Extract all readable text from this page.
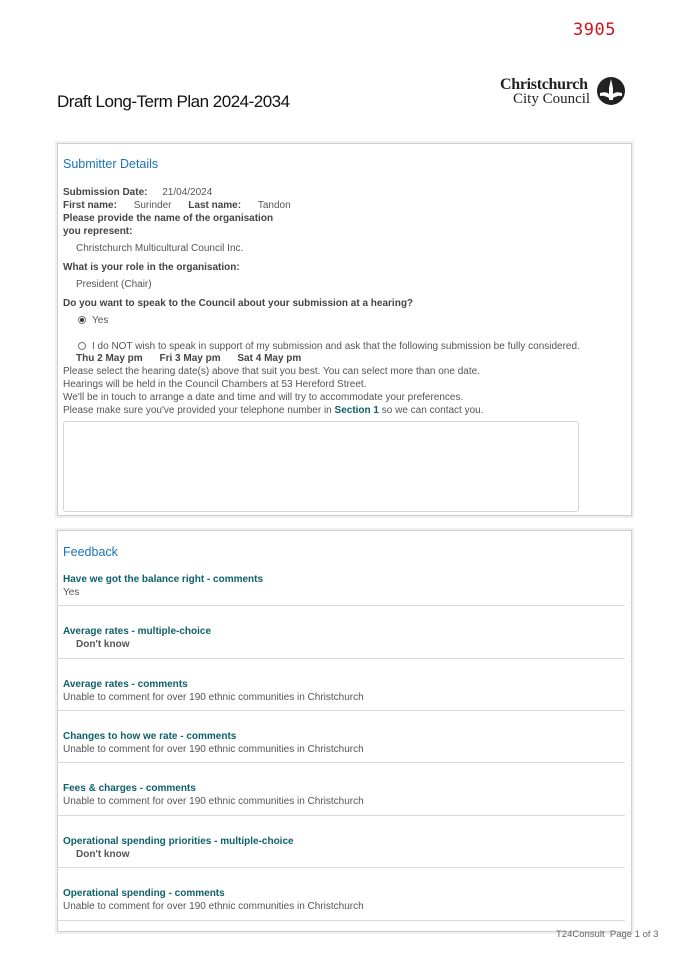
3905
Draft Long-Term Plan 2024-2034
Christchurch
City Council
Submitter Details
Submission Date: 21/04/2024
First name: Surinder Last name: Tandon
Please provide the name of the organisation
you represent:
Christchurch Multicultural Council Inc.
What is your role in the organisation:
President (Chair)
Do you want to speak to the Council about your submission at a hearing?
Yes
I do NOT wish to speak in support of my submission and ask that the following submission be fully considered.
Thu 2 May pm Fri 3 May pm Sat 4 May pm
Please select the hearing date(s) above that suit you best. You can select more than one date.
Hearings will be held in the Council Chambers at 53 Hereford Street.
We'll be in touch to arrange a date and time and will try to accommodate your preferences.
Please make sure you've provided your telephone number in Section 1 so we can contact you.
Feedback
Have we got the balance right - comments
Yes
Average rates - multiple-choice
Don't know
Average rates - comments
Unable to comment for over 190 ethnic communities in Christchurch
Changes to how we rate - comments
Unable to comment for over 190 ethnic communities in Christchurch
Fees & charges - comments
Unable to comment for over 190 ethnic communities in Christchurch
Operational spending priorities - multiple-choice
Don't know
Operational spending - comments
Unable to comment for over 190 ethnic communities in Christchurch
T24Consult  Page 1 of 3
